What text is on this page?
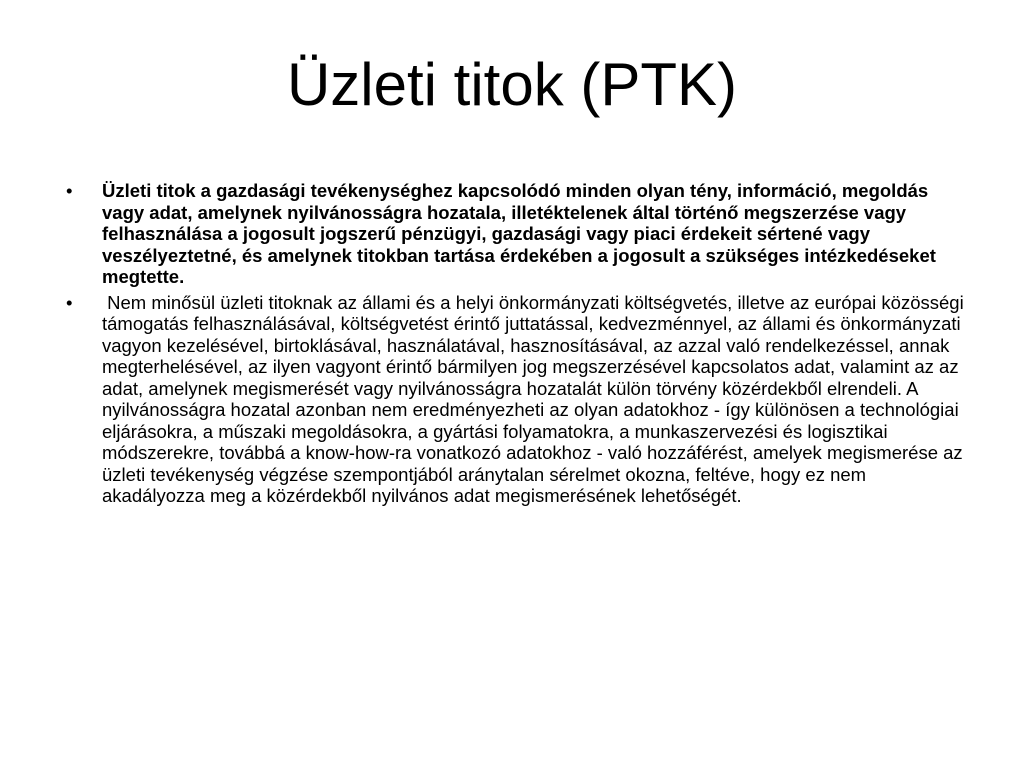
Üzleti titok (PTK)
•	Üzleti titok a gazdasági tevékenységhez kapcsolódó minden olyan tény, információ, megoldás vagy adat, amelynek nyilvánosságra hozatala, illetéktelenek által történő megszerzése vagy felhasználása a jogosult jogszerű pénzügyi, gazdasági vagy piaci érdekeit sértené vagy veszélyeztetné, és amelynek titokban tartása érdekében a jogosult a szükséges intézkedéseket megtette.
•	Nem minősül üzleti titoknak az állami és a helyi önkormányzati költségvetés, illetve az európai közösségi támogatás felhasználásával, költségvetést érintő juttatással, kedvezménnyel, az állami és önkormányzati vagyon kezelésével, birtoklásával, használatával, hasznosításával, az azzal való rendelkezéssel, annak megterhelésével, az ilyen vagyont érintő bármilyen jog megszerzésével kapcsolatos adat, valamint az az adat, amelynek megismerését vagy nyilvánosságra hozatalát külön törvény közérdekből elrendeli. A nyilvánosságra hozatal azonban nem eredményezheti az olyan adatokhoz - így különösen a technológiai eljárásokra, a műszaki megoldásokra, a gyártási folyamatokra, a munkaszervezési és logisztikai módszerekre, továbbá a know-how-ra vonatkozó adatokhoz - való hozzáférést, amelyek megismerése az üzleti tevékenység végzése szempontjából aránytalan sérelmet okozna, feltéve, hogy ez nem akadályozza meg a közérdekből nyilvános adat megismerésének lehetőségét.
